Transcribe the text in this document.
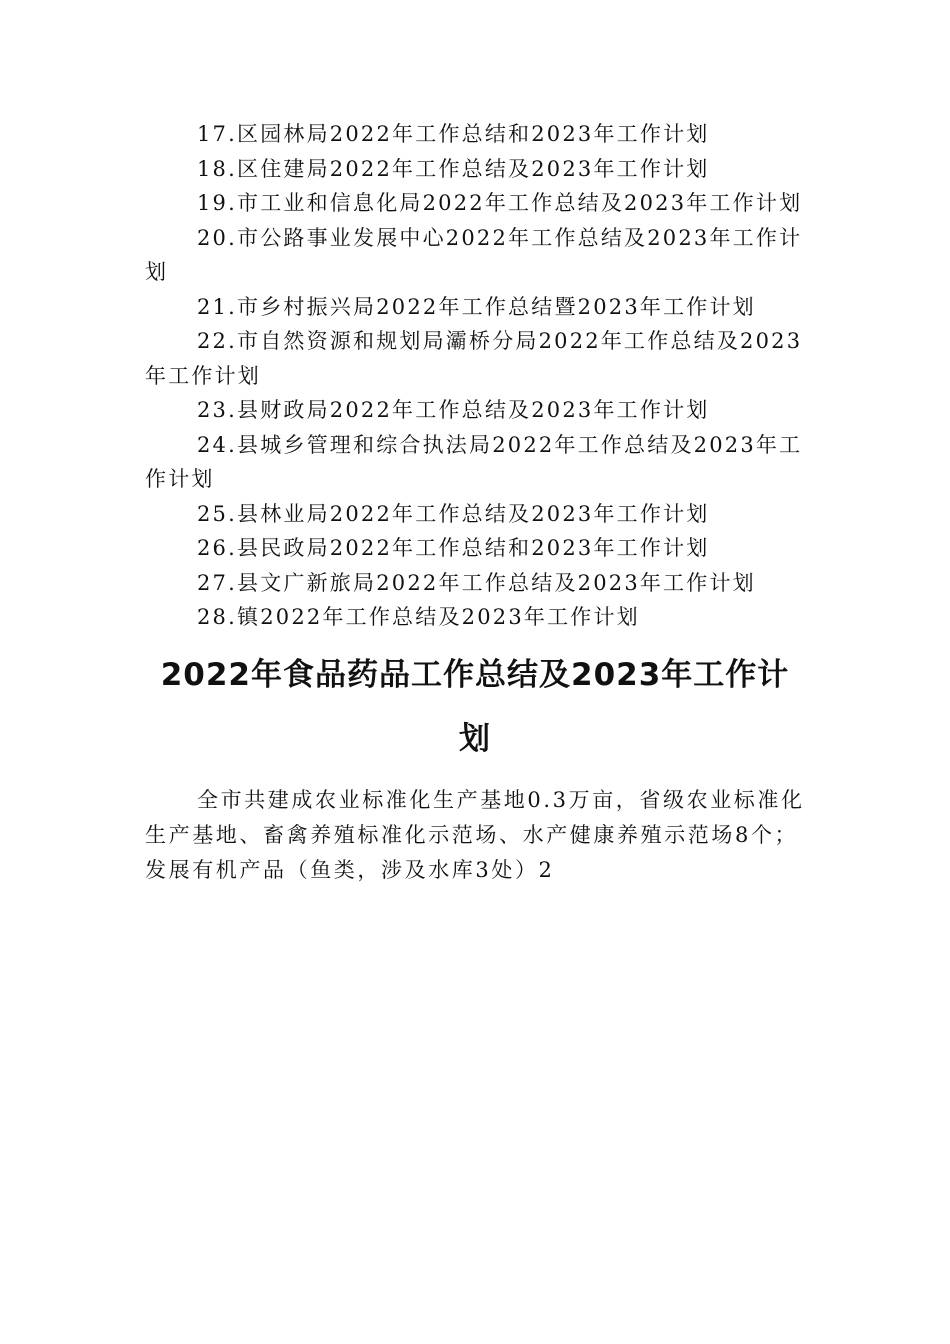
17.区园林局2022年工作总结和2023年工作计划
18.区住建局2022年工作总结及2023年工作计划
19.市工业和信息化局2022年工作总结及2023年工作计划
20.市公路事业发展中心2022年工作总结及2023年工作计划
21.市乡村振兴局2022年工作总结暨2023年工作计划
22.市自然资源和规划局灞桥分局2022年工作总结及2023年工作计划
23.县财政局2022年工作总结及2023年工作计划
24.县城乡管理和综合执法局2022年工作总结及2023年工作计划
25.县林业局2022年工作总结及2023年工作计划
26.县民政局2022年工作总结和2023年工作计划
27.县文广新旅局2022年工作总结及2023年工作计划
28.镇2022年工作总结及2023年工作计划
2022年食品药品工作总结及2023年工作计划

全市共建成农业标准化生产基地0.3万亩，省级农业标准化生产基地、畜禽养殖标准化示范场、水产健康养殖示范场8个；发展有机产品（鱼类，涉及水库3处）2
